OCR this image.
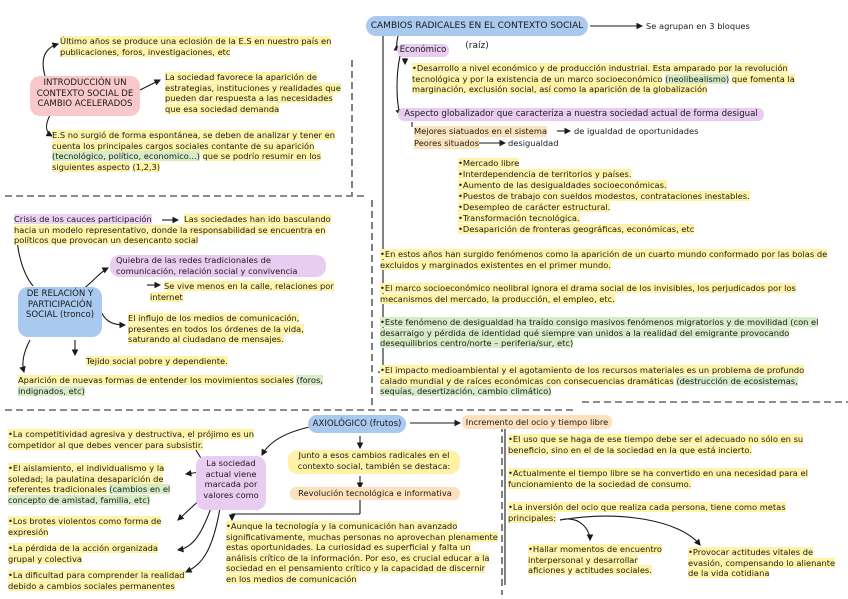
CAMBIOS RADICALES EN EL CONTEXTO SOCIAL (raíz)
Se agrupan en 3 bloques
Último años se produce una eclosión de la E.S en nuestro país en publicaciones, foros, investigaciones, etc
INTRODUCCIÓN UN CONTEXTO SOCIAL DE CAMBIO ACELERADOS
La sociedad favorece la aparición de estrategias, instituciones y realidades que pueden dar respuesta a las necesidades que esa sociedad demanda
E.S no surgió de forma espontánea, se deben de analizar y tener en cuenta los principales cargos sociales contante de su aparición (tecnológico, político, economico...) que se podrío resumir en los siguientes aspecto (1,2,3)
Económico
•Desarrollo a nivel económico y de producción industrial. Esta amparado por la revolución tecnológica y por la existencia de un marco socioeconómico (neolibealismo) que fomenta la marginación, exclusión social, así como la aparición de la globalización
Aspecto globalizador que caracteriza a nuestra sociedad actual de forma desigual
Mejores siatuados en el sistema	de igualdad de oportunidades
Peores situados	desigualdad
•Mercado libre
•Interdependencia de territorios y países.
•Aumento de las desigualdades socioeconómicas.
•Puestos de trabajo con sueldos modestos, contrataciones inestables.
•Desempleo de carácter estructural.
•Transformación tecnológica.
•Desaparición de fronteras geográficas, económicas, etc
•En estos años han surgido fenómenos como la aparición de un cuarto mundo conformado por las bolas de excluidos y marginados existentes en el primer mundo.
•El marco socioeconómico neolibral ignora el drama social de los invisibles, los perjudicados por los mecanismos del mercado, la producción, el empleo, etc.
•Este fenómeno de desigualdad ha traído consigo masivos fenómenos migratorios y de movilidad (con el desarraigo y pérdida de identidad qué siempre van unidos a la realidad del emigrante provocando desequilibrios centro/norte – periferia/sur, etc)
•El impacto medioambiental y el agotamiento de los recursos materiales es un problema de profundo calado mundial y de raíces económicas con consecuencias dramáticas (destrucción de ecosistemas, sequías, desertización, cambio climático)
Crisis de los cauces participación	Las sociedades han ido basculando hacia un modelo representativo, donde la responsabilidad se encuentra en políticos que provocan un desencanto social
Quiebra de las redes tradicionales de comunicación, relación social y convivencia
Se vive menos en la calle, relaciones por internet
DE RELACIÓN Y PARTICIPACIÓN SOCIAL (tronco)	El influjo de los medios de comunicación, presentes en todos los órdenes de la vida, saturando al ciudadano de mensajes.
Tejido social pobre y dependiente.
Aparición de nuevas formas de entender los movimientos sociales (foros, indignados, etc)
AXIOLÓGICO (frutos)
Junto a esos cambios radicales en el contexto social, también se destaca:
Revolución tecnológica e informativa
•Aunque la tecnología y la comunicación han avanzado significativamente, muchas personas no aprovechan plenamente estas oportunidades. La curiosidad es superficial y falta un análisis crítico de la información. Por eso, es crucial educar a la sociedad en el pensamiento crítico y la capacidad de discernir en los medios de comunicación
La sociedad actual viene marcada por valores como
•La competitividad agresiva y destructiva, el prójimo es un competidor al que debes vencer para subsistir.
•El aislamiento, el individualismo y la soledad; la paulatina desaparición de referentes tradicionales (cambios en el concepto de amistad, familia, etc)
•Los brotes violentos como forma de expresión
•La pérdida de la acción organizada grupal y colectiva
•La dificultad para comprender la realidad debido a cambios sociales permanentes
Incremento del ocio y tiempo libre
•El uso que se haga de ese tiempo debe ser el adecuado no sólo en su beneficio, sino en el de la sociedad en la que está incierto.
•Actualmente el tiempo libre se ha convertido en una necesidad para el funcionamiento de la sociedad de consumo.
•La inversión del ocio que realiza cada persona, tiene como metas principales:
•Hallar momentos de encuentro interpersonal y desarrollar aficiones y actitudes sociales.
•Provocar actitudes vitales de evasión, compensando lo alienante de la vida cotidiana
